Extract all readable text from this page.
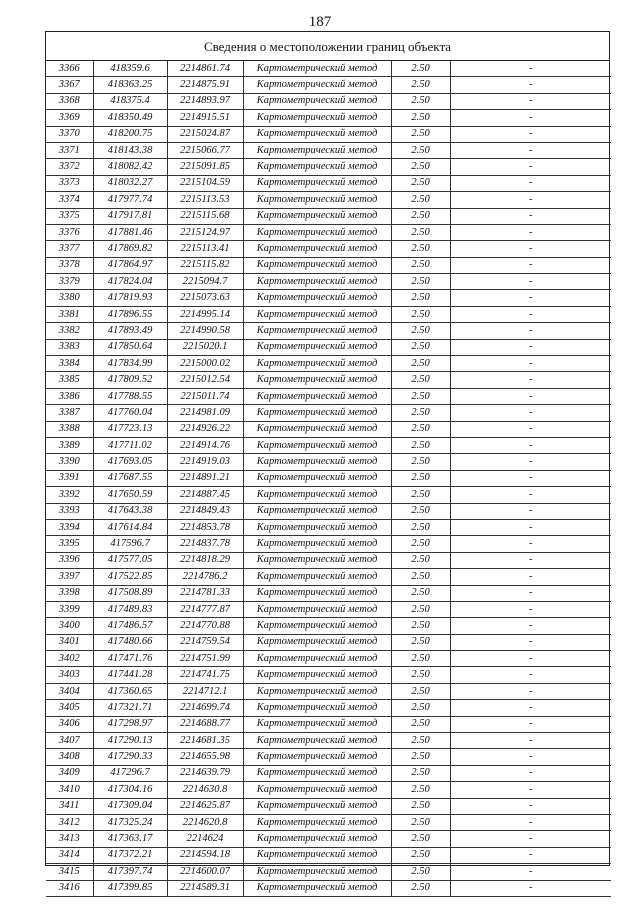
187
Сведения о местоположении границ объекта
3366	418359.6	2214861.74	Картометрический метод	2.50	-
3367	418363.25	2214875.91	Картометрический метод	2.50	-
3368	418375.4	2214893.97	Картометрический метод	2.50	-
3369	418350.49	2214915.51	Картометрический метод	2.50	-
3370	418200.75	2215024.87	Картометрический метод	2.50	-
3371	418143.38	2215066.77	Картометрический метод	2.50	-
3372	418082.42	2215091.85	Картометрический метод	2.50	-
3373	418032.27	2215104.59	Картометрический метод	2.50	-
3374	417977.74	2215113.53	Картометрический метод	2.50	-
3375	417917.81	2215115.68	Картометрический метод	2.50	-
3376	417881.46	2215124.97	Картометрический метод	2.50	-
3377	417869.82	2215113.41	Картометрический метод	2.50	-
3378	417864.97	2215115.82	Картометрический метод	2.50	-
3379	417824.04	2215094.7	Картометрический метод	2.50	-
3380	417819.93	2215073.63	Картометрический метод	2.50	-
3381	417896.55	2214995.14	Картометрический метод	2.50	-
3382	417893.49	2214990.58	Картометрический метод	2.50	-
3383	417850.64	2215020.1	Картометрический метод	2.50	-
3384	417834.99	2215000.02	Картометрический метод	2.50	-
3385	417809.52	2215012.54	Картометрический метод	2.50	-
3386	417788.55	2215011.74	Картометрический метод	2.50	-
3387	417760.04	2214981.09	Картометрический метод	2.50	-
3388	417723.13	2214926.22	Картометрический метод	2.50	-
3389	417711.02	2214914.76	Картометрический метод	2.50	-
3390	417693.05	2214919.03	Картометрический метод	2.50	-
3391	417687.55	2214891.21	Картометрический метод	2.50	-
3392	417650.59	2214887.45	Картометрический метод	2.50	-
3393	417643.38	2214849.43	Картометрический метод	2.50	-
3394	417614.84	2214853.78	Картометрический метод	2.50	-
3395	417596.7	2214837.78	Картометрический метод	2.50	-
3396	417577.05	2214818.29	Картометрический метод	2.50	-
3397	417522.85	2214786.2	Картометрический метод	2.50	-
3398	417508.89	2214781.33	Картометрический метод	2.50	-
3399	417489.83	2214777.87	Картометрический метод	2.50	-
3400	417486.57	2214770.88	Картометрический метод	2.50	-
3401	417480.66	2214759.54	Картометрический метод	2.50	-
3402	417471.76	2214751.99	Картометрический метод	2.50	-
3403	417441.28	2214741.75	Картометрический метод	2.50	-
3404	417360.65	2214712.1	Картометрический метод	2.50	-
3405	417321.71	2214699.74	Картометрический метод	2.50	-
3406	417298.97	2214688.77	Картометрический метод	2.50	-
3407	417290.13	2214681.35	Картометрический метод	2.50	-
3408	417290.33	2214655.98	Картометрический метод	2.50	-
3409	417296.7	2214639.79	Картометрический метод	2.50	-
3410	417304.16	2214630.8	Картометрический метод	2.50	-
3411	417309.04	2214625.87	Картометрический метод	2.50	-
3412	417325.24	2214620.8	Картометрический метод	2.50	-
3413	417363.17	2214624	Картометрический метод	2.50	-
3414	417372.21	2214594.18	Картометрический метод	2.50	-
3415	417397.74	2214600.07	Картометрический метод	2.50	-
3416	417399.85	2214589.31	Картометрический метод	2.50	-
